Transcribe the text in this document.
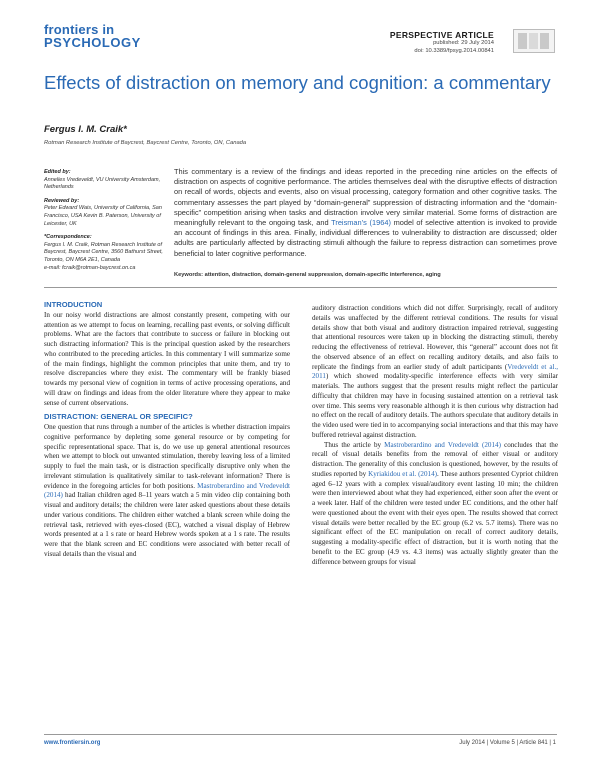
frontiers in
PSYCHOLOGY	PERSPECTIVE ARTICLE
published: 29 July 2014
doi: 10.3389/fpsyg.2014.00841
Effects of distraction on memory and cognition: a commentary
Fergus I. M. Craik*
Rotman Research Institute of Baycrest, Baycrest Centre, Toronto, ON, Canada
Edited by:
Annelies Vredeveldt, VU University Amsterdam, Netherlands
Reviewed by:
Peter Edward Wais, University of California, San Francisco, USA Kevin B. Paterson, University of Leicester, UK
*Correspondence:
Fergus I. M. Craik, Rotman Research Institute of Baycrest, Baycrest Centre, 3560 Bathurst Street, Toronto, ON M6A 2E1, Canada
e-mail: fcraik@rotman-baycrest.on.ca
This commentary is a review of the findings and ideas reported in the preceding nine articles on the effects of distraction on aspects of cognitive performance. The articles themselves deal with the disruptive effects of distraction on recall of words, objects and events, also on visual processing, category formation and other cognitive tasks. The commentary assesses the part played by “domain-general” suppression of distracting information and the “domain-specific” competition arising when tasks and distraction involve very similar material. Some forms of distraction are meaningfully relevant to the ongoing task, and Treisman’s (1964) model of selective attention is invoked to provide an account of findings in this area. Finally, individual differences to vulnerability to distraction are discussed; older adults are particularly affected by distracting stimuli although the failure to repress distraction can sometimes prove beneficial to later cognitive performance.
Keywords: attention, distraction, domain-general suppression, domain-specific interference, aging
INTRODUCTION

In our noisy world distractions are almost constantly present, competing with our attention as we attempt to focus on learning, recalling past events, or solving difficult problems. What are the factors that contribute to success or failure in blocking out such distracting information? This is the principal question asked by the researchers who contributed to the preceding articles. In this commentary I will summarize some of the main findings, highlight the common principles that unite them, and try to resolve discrepancies where they exist. The commentary will be frankly biased towards my personal view of cognition in terms of active processing operations, and will draw on findings and ideas from the older literature where they appear to make sense of current observations.

DISTRACTION: GENERAL OR SPECIFIC?

One question that runs through a number of the articles is whether distraction impairs cognitive performance by depleting some general resource or by competing for specific representational space. That is, do we use up general attentional resources when we attempt to block out unwanted stimulation, thereby leaving less of a limited supply to fuel the main task, or is distraction specifically disruptive only when the irrelevant stimulation is qualitatively similar to task-relevant information? There is evidence in the foregoing articles for both positions. Mastroberardino and Vredeveldt (2014) had Italian children aged 8–11 years watch a 5 min video clip containing both visual and auditory details; the children were later asked questions about these details under various conditions. The children either watched a blank screen while doing the retrieval task, retrieved with eyes-closed (EC), watched a visual display of Hebrew words presented at a 1 s rate or heard Hebrew words spoken at a 1 s rate. The results were that the blank screen and EC conditions were associated with better recall of visual details than the visual and

auditory distraction conditions which did not differ. Surprisingly, recall of auditory details was unaffected by the different retrieval conditions. The results for visual details show that both visual and auditory distraction impaired retrieval, suggesting that attentional resources were taken up in blocking the distracting stimuli, thereby reducing the effectiveness of retrieval. However, this “general” account does not fit the observed absence of an effect on recalling auditory details, and also fails to replicate the findings from an earlier study of adult participants (Vredeveldt et al., 2011) which showed modality-specific interference effects with very similar materials. The authors suggest that the present results might reflect the particular difficulty that children may have in focusing sustained attention on a retrieval task over time. This seems very reasonable although it is then curious why distraction had no effect on the recall of auditory details. The authors speculate that auditory details in the video used were tied in to accompanying social interactions and that this may have buffered retrieval against distraction.

Thus the article by Mastroberardino and Vredeveldt (2014) concludes that the recall of visual details benefits from the removal of either visual or auditory distraction. The generality of this conclusion is questioned, however, by the results of studies reported by Kyriakidou et al. (2014). These authors presented Cypriot children aged 6–12 years with a complex visual/auditory event lasting 10 min; the children were then interviewed about what they had experienced, either soon after the event or a week later. Half of the children were tested under EC conditions, and the other half were questioned about the event with their eyes open. The results showed that correct visual details were better recalled by the EC group (6.2 vs. 5.7 items). There was no significant effect of the EC manipulation on recall of correct auditory details, suggesting a modality-specific effect of distraction, but it is worth noting that the benefit to the EC group (4.9 vs. 4.3 items) was actually slightly greater than the difference between groups for visual

www.frontiersin.org	July 2014 | Volume 5 | Article 841 | 1
